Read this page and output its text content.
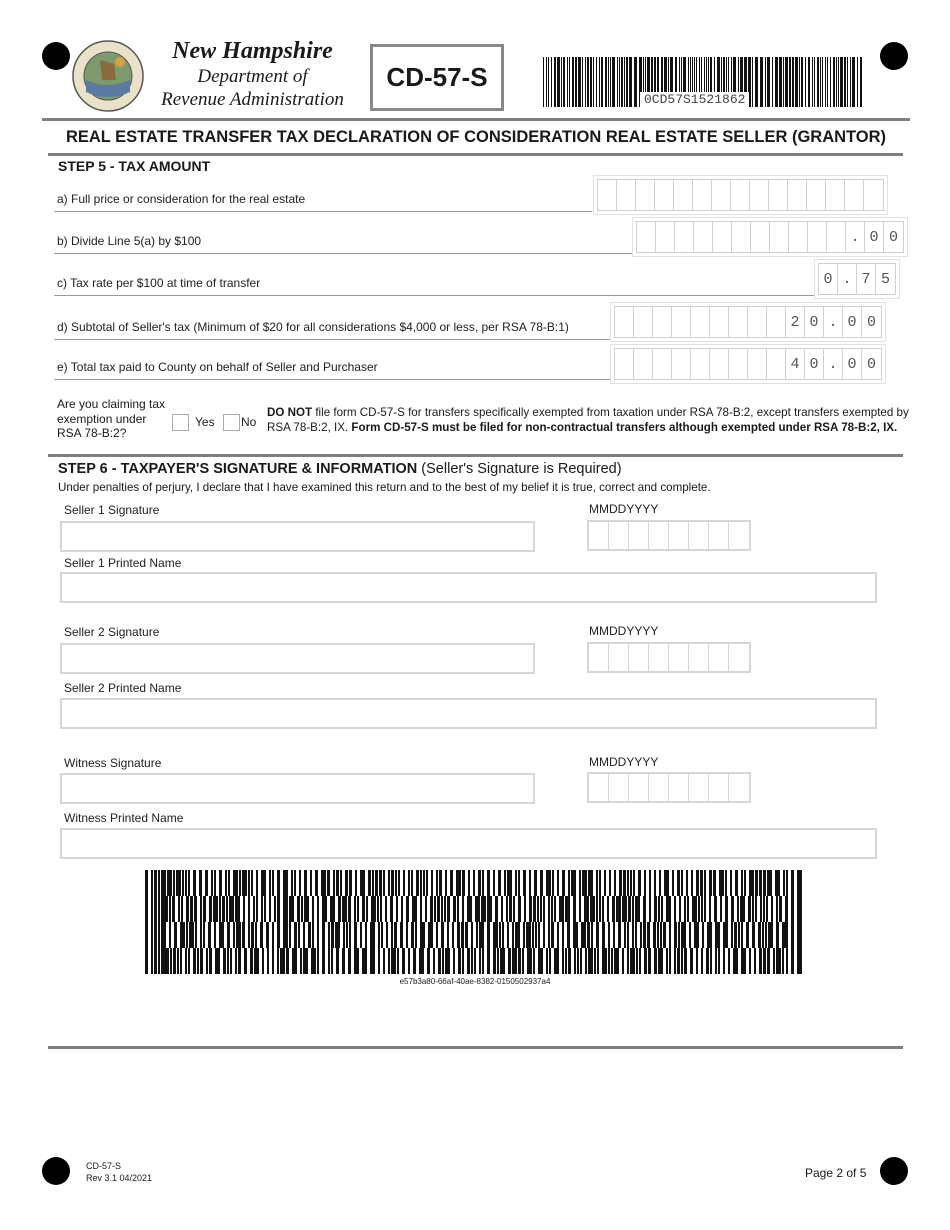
New Hampshire
Department of
Revenue Administration
CD-57-S
0CD57S1521862
REAL ESTATE TRANSFER TAX DECLARATION OF CONSIDERATION REAL ESTATE SELLER (GRANTOR)
STEP 5 - TAX AMOUNT
a) Full price or consideration for the real estate
b) Divide Line 5(a) by $100	. 0 0
c) Tax rate per $100 at time of transfer	0 . 7 5
d) Subtotal of Seller's tax (Minimum of $20 for all considerations $4,000 or less, per RSA 78-B:1)	2 0 . 0 0
e) Total tax paid to County on behalf of Seller and Purchaser	4 0 . 0 0
Are you claiming tax
exemption under
RSA 78-B:2?
Yes No
DO NOT file form CD-57-S for transfers specifically exempted from taxation under RSA 78-B:2, except transfers exempted by
RSA 78-B:2, IX. Form CD-57-S must be filed for non-contractual transfers although exempted under RSA 78-B:2, IX.
STEP 6 - TAXPAYER'S SIGNATURE & INFORMATION (Seller's Signature is Required)
Under penalties of perjury, I declare that I have examined this return and to the best of my belief it is true, correct and complete.
Seller 1 Signature	MMDDYYYY
Seller 1 Printed Name
Seller 2 Signature	MMDDYYYY
Seller 2 Printed Name
Witness Signature	MMDDYYYY
Witness Printed Name
e57b3a80-66af-40ae-8382-0150502937a4
CD-57-S
Rev 3.1 04/2021	Page 2 of 5
